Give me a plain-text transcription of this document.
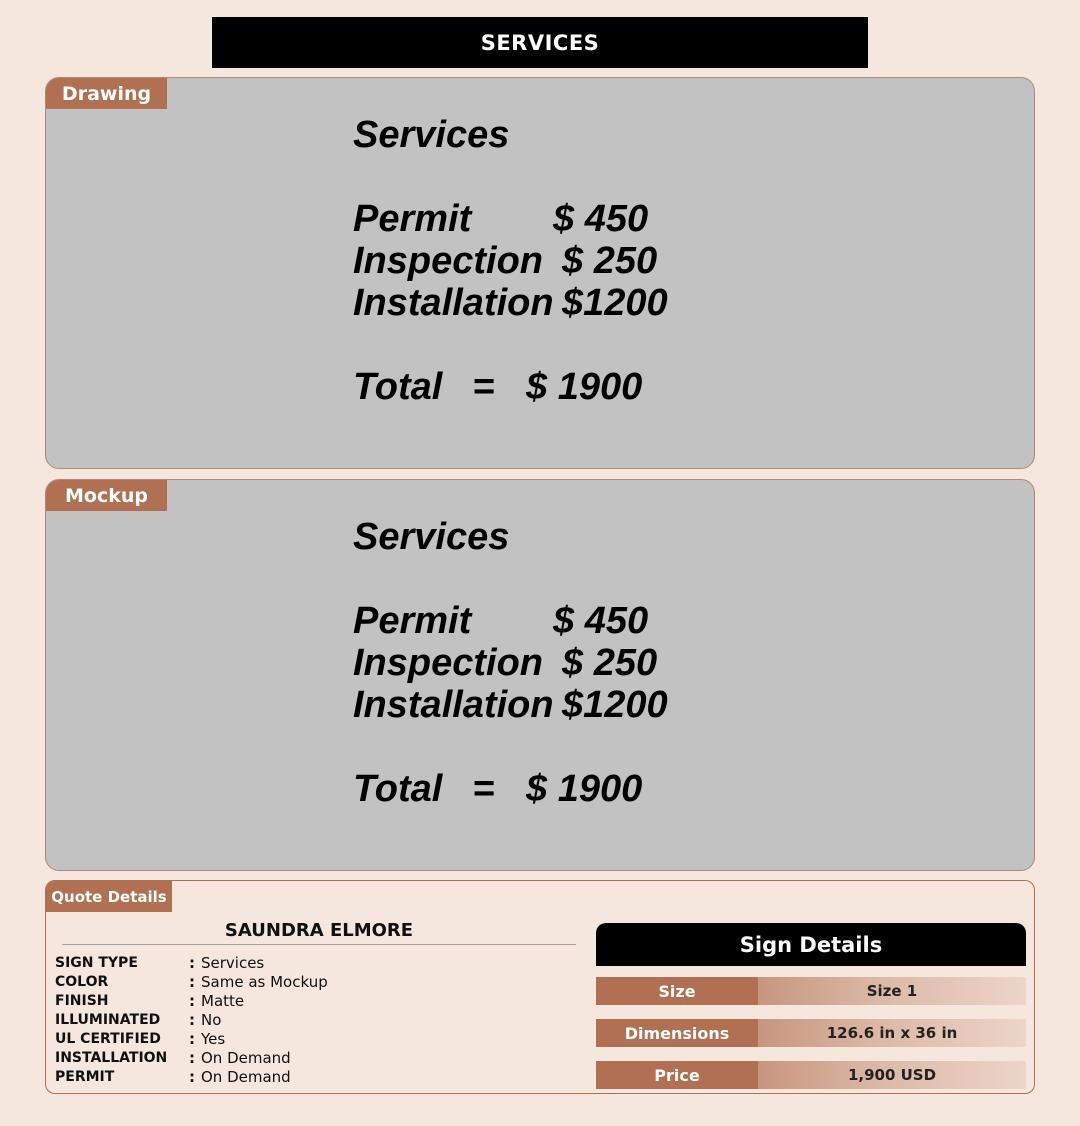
SERVICES
Drawing
Services
Permit $ 450
Inspection $ 250
Installation $1200
Total = $ 1900
Mockup
Services
Permit $ 450
Inspection $ 250
Installation $1200
Total = $ 1900
Quote Details
SAUNDRA ELMORE
SIGN TYPE	: Services
COLOR	: Same as Mockup
FINISH	: Matte
ILLUMINATED	: No
UL CERTIFIED	: Yes
INSTALLATION	: On Demand
PERMIT	: On Demand
Sign Details
Size	Size 1
Dimensions	126.6 in x 36 in
Price	1,900 USD
